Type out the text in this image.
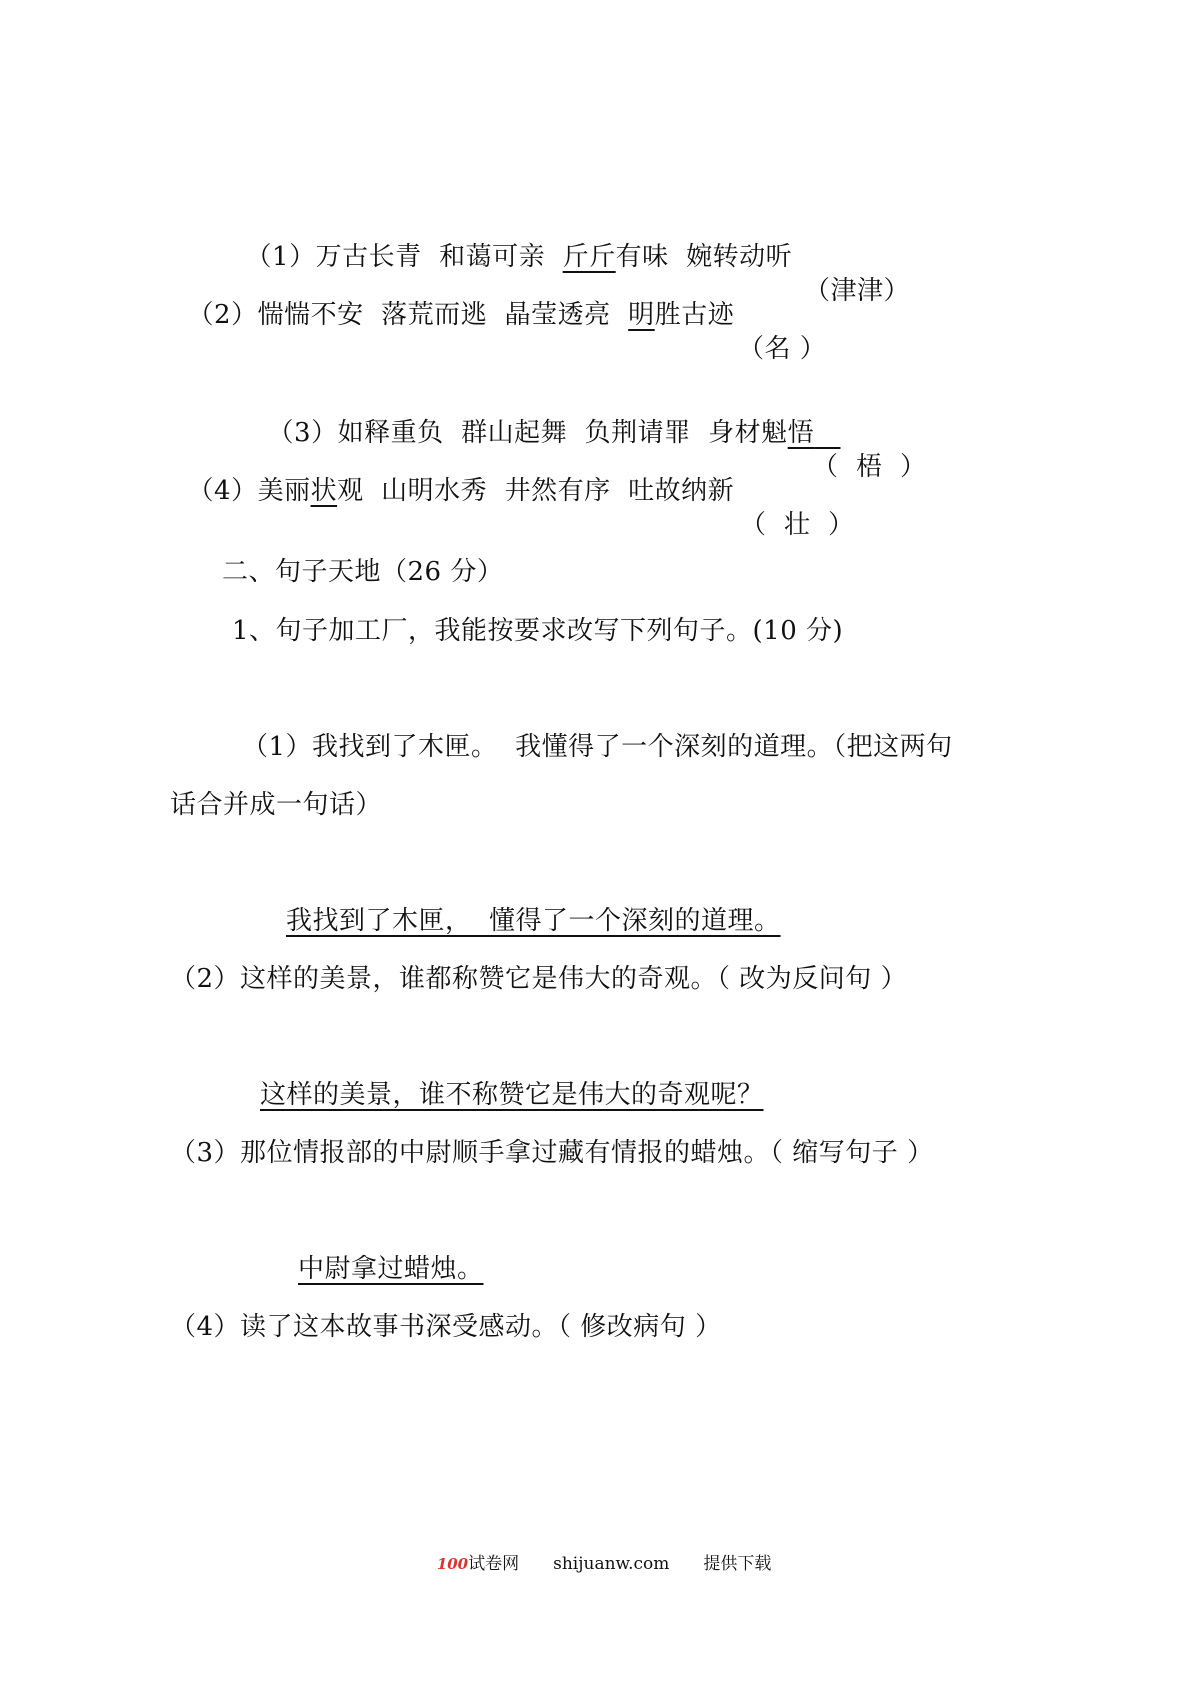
（1）万古长青  和蔼可亲  斤斤有味  婉转动听

（津津）

（2）惴惴不安  落荒而逃  晶莹透亮  明胜古迹

（名 ）

（3）如释重负  群山起舞  负荆请罪  身材魁悟

（  梧  ）

（4）美丽状观  山明水秀  井然有序  吐故纳新

（  壮  ）

二、句子天地（26 分）
1、句子加工厂，我能按要求改写下列句子。(10 分)
（1）我找到了木匣。  我懂得了一个深刻的道理。（把这两句
话合并成一句话）
我找到了木匣，  懂得了一个深刻的道理。
（2）这样的美景，谁都称赞它是伟大的奇观。（ 改为反问句 ）
这样的美景，谁不称赞它是伟大的奇观呢？
（3）那位情报部的中尉顺手拿过藏有情报的蜡烛。（ 缩写句子 ）
中尉拿过蜡烛。
（4）读了这本故事书深受感动。（ 修改病句 ）

100试卷网 shijuanw.com 提供下载
